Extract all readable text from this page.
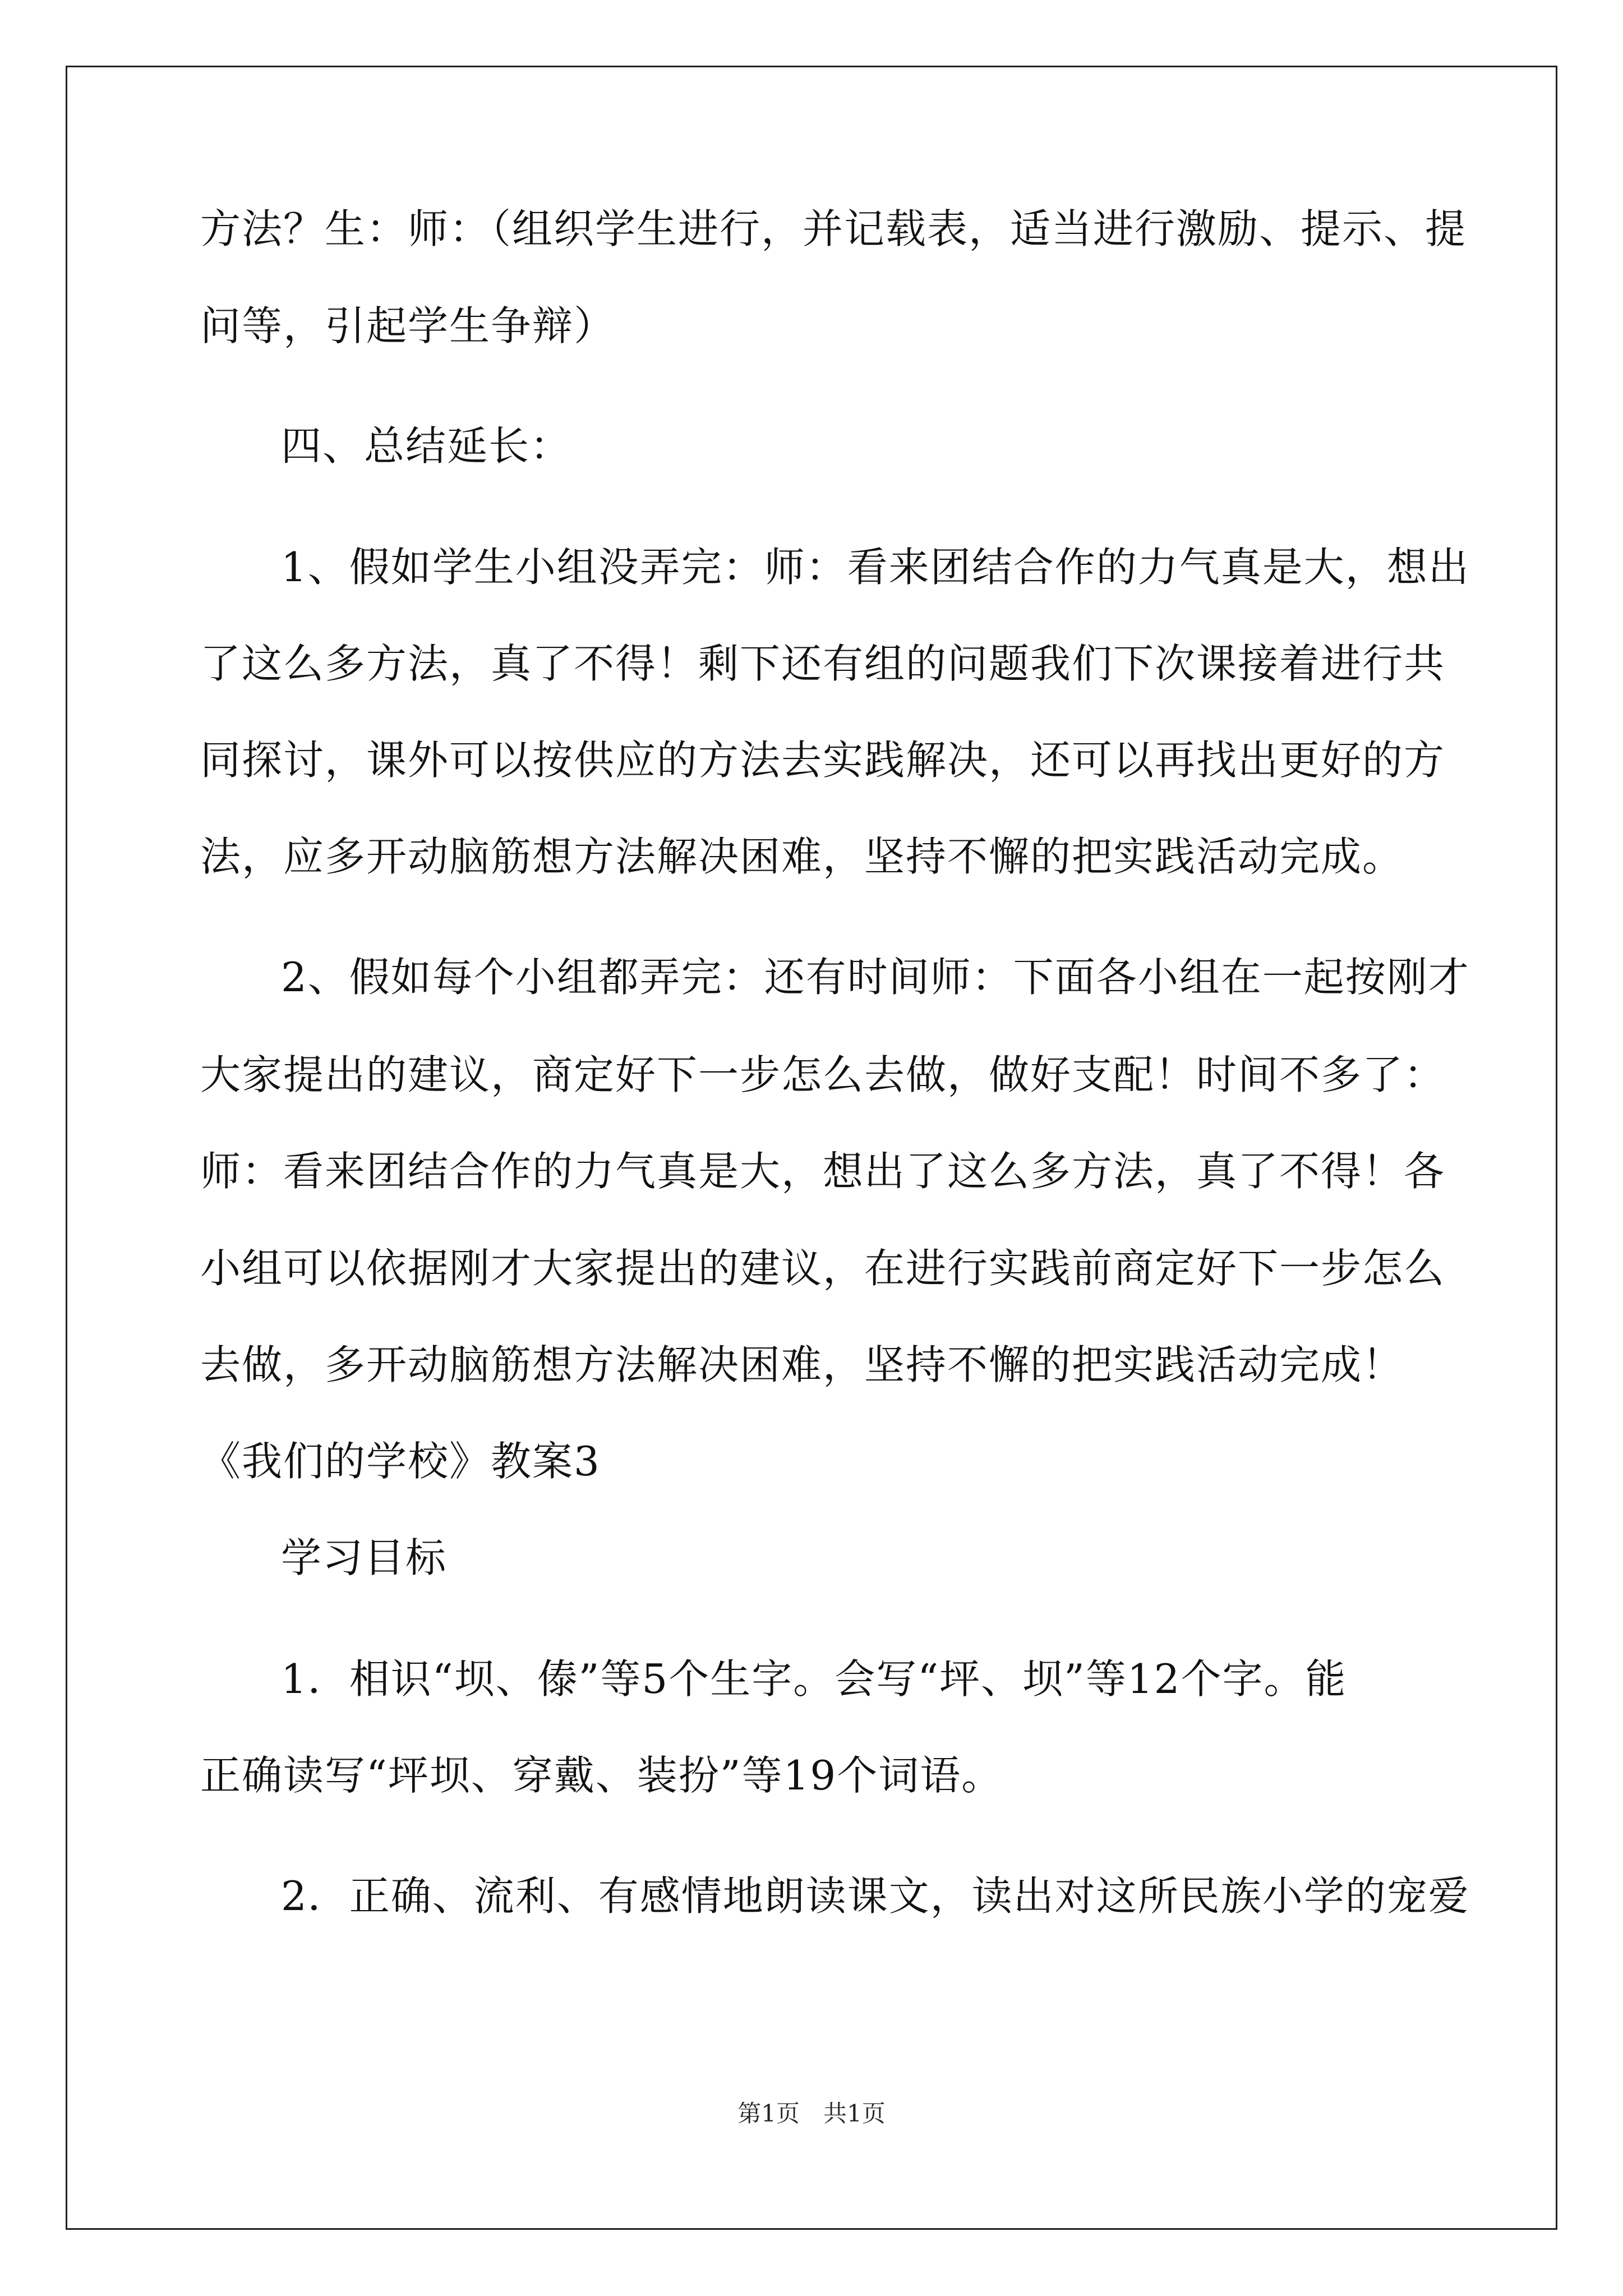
方法？生：师：（组织学生进行，并记载表，适当进行激励、提示、提
问等，引起学生争辩）
四、总结延长：
1、假如学生小组没弄完：师：看来团结合作的力气真是大，想出
了这么多方法，真了不得！剩下还有组的问题我们下次课接着进行共
同探讨，课外可以按供应的方法去实践解决，还可以再找出更好的方
法，应多开动脑筋想方法解决困难，坚持不懈的把实践活动完成。
2、假如每个小组都弄完：还有时间师：下面各小组在一起按刚才
大家提出的建议，商定好下一步怎么去做，做好支配！时间不多了：
师：看来团结合作的力气真是大，想出了这么多方法，真了不得！各
小组可以依据刚才大家提出的建议，在进行实践前商定好下一步怎么
去做，多开动脑筋想方法解决困难，坚持不懈的把实践活动完成！
《我们的学校》教案3
学习目标
1．相识“坝、傣”等5个生字。会写“坪、坝”等12个字。能
正确读写“坪坝、穿戴、装扮”等19个词语。
2．正确、流利、有感情地朗读课文，读出对这所民族小学的宠爱
第1页　共1页
